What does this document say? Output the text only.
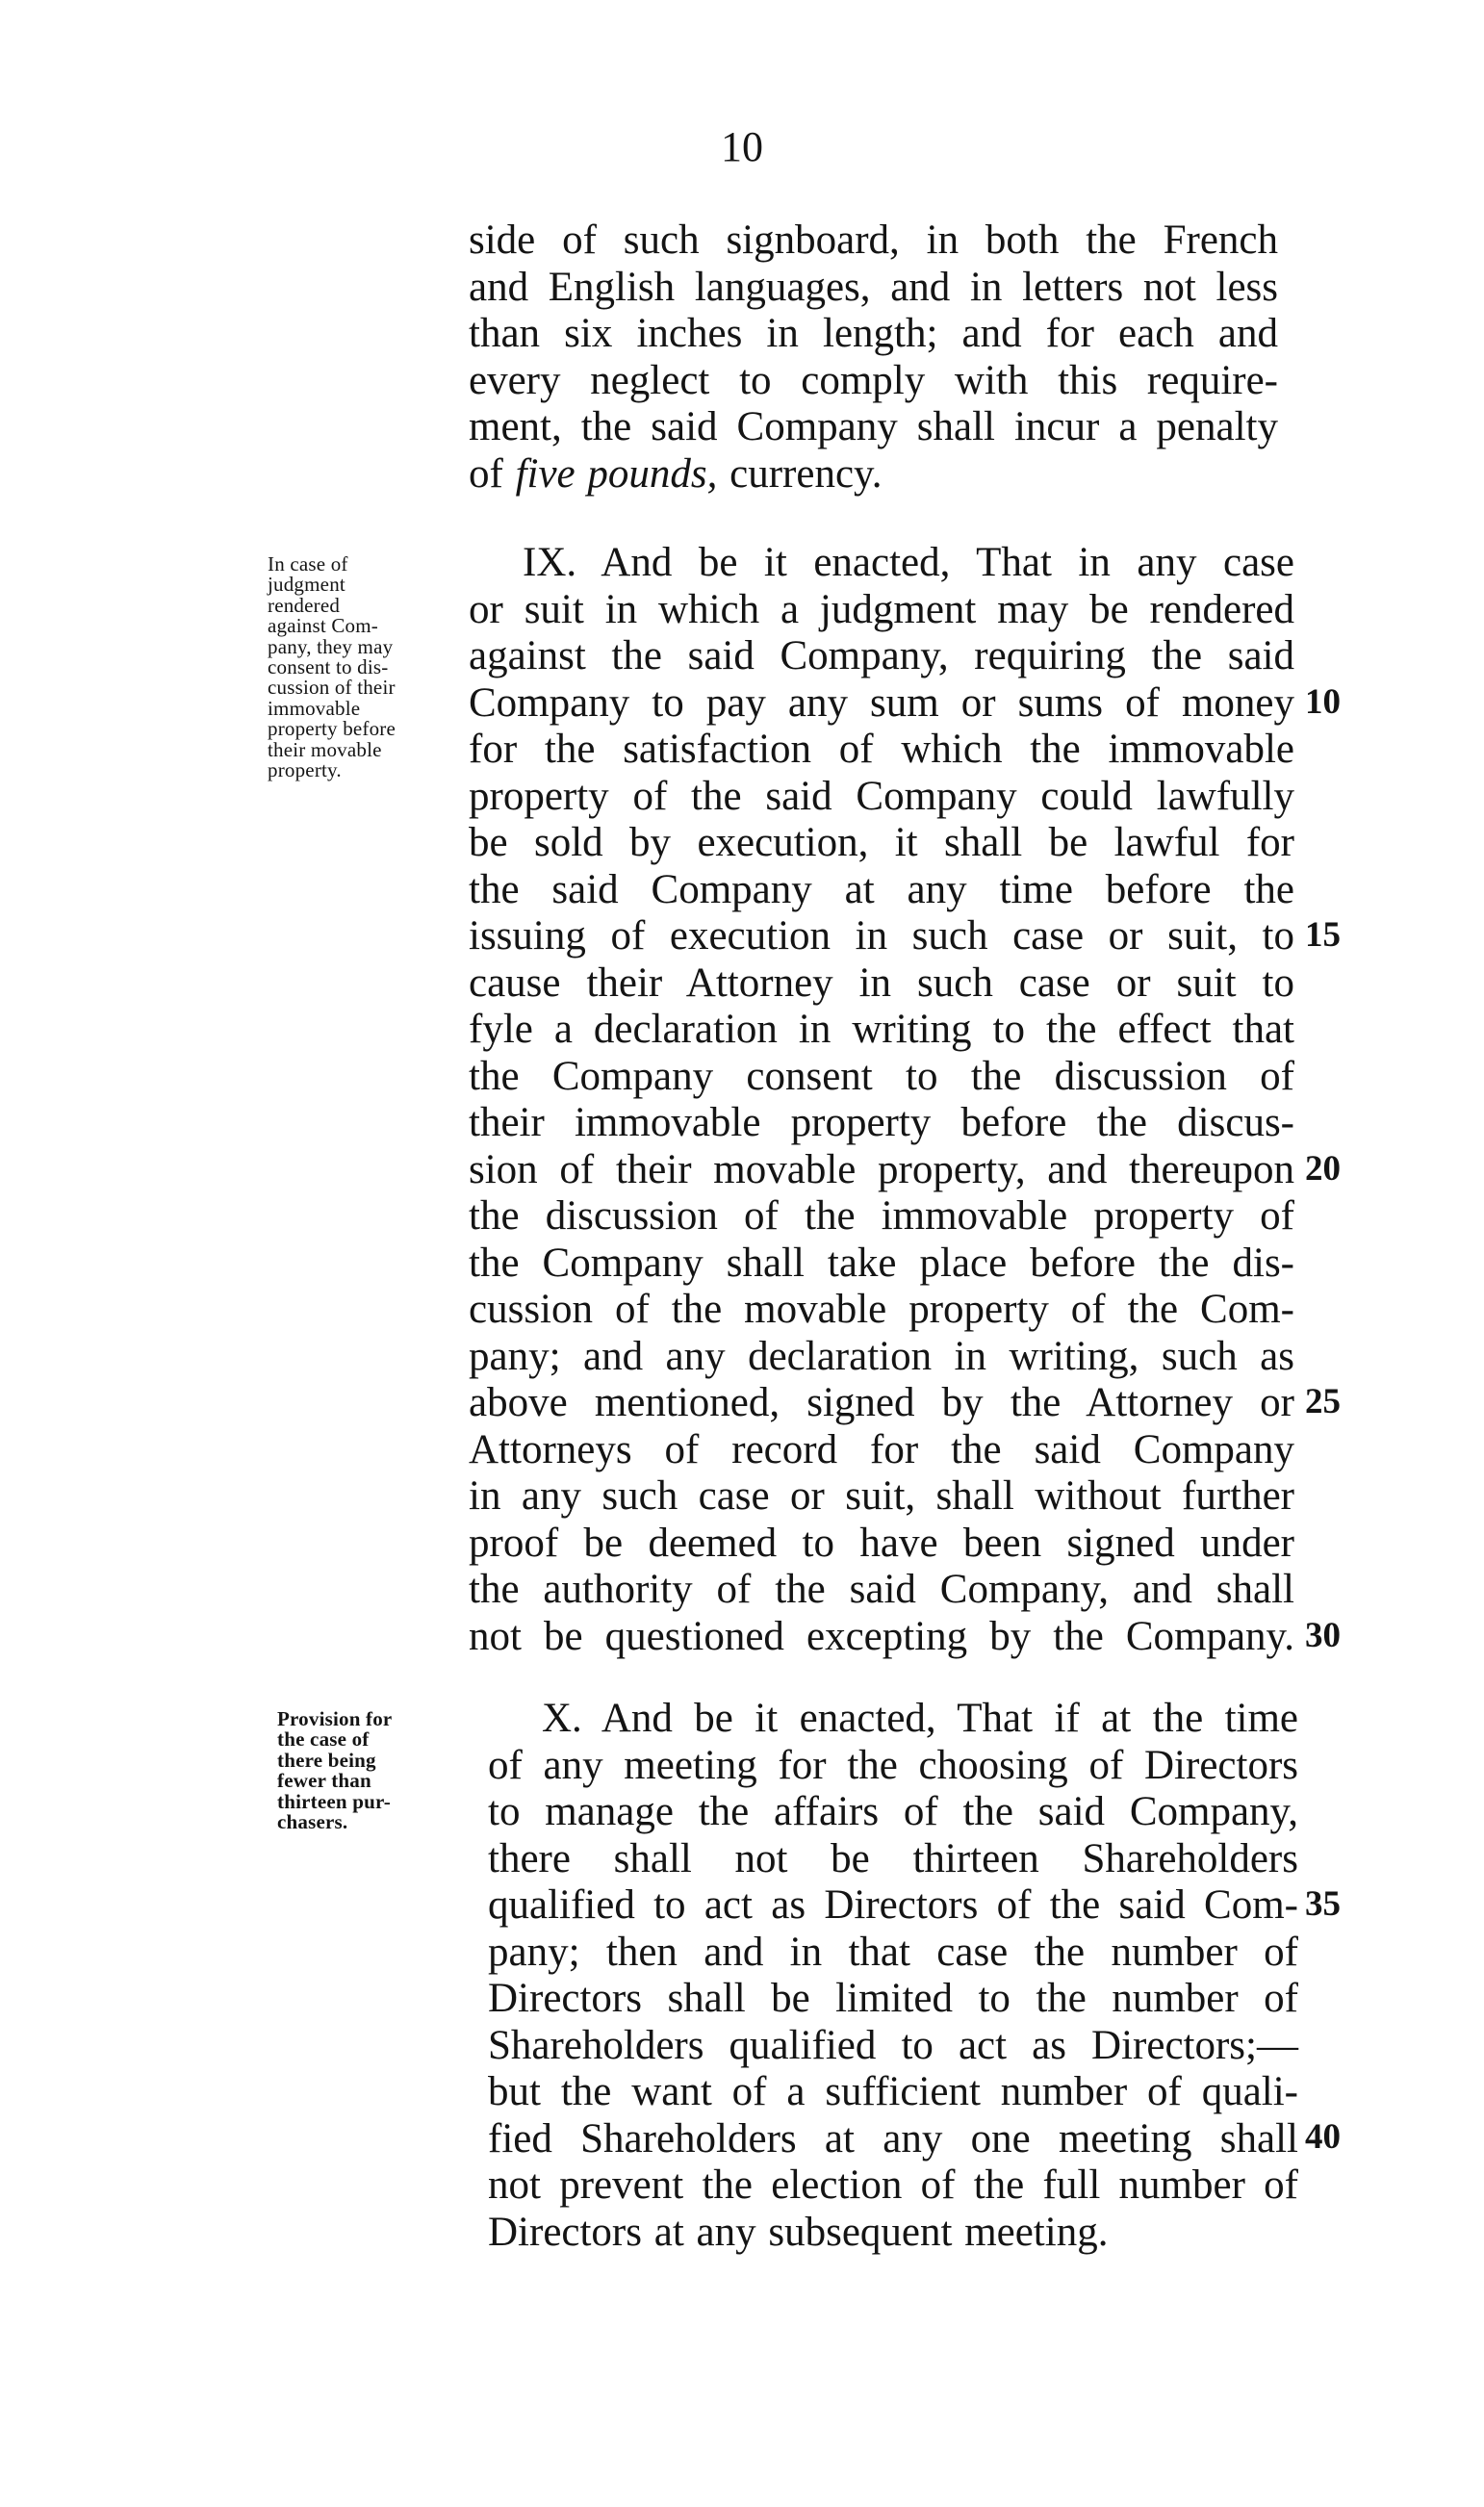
10
side of such signboard, in both the French
and English languages, and in letters not less
than six inches in length; and for each and
every neglect to comply with this require-
ment, the said Company shall incur a penalty
of five pounds, currency.
In case of
judgment
rendered
against Com-
pany, they may
consent to dis-
cussion of their
immovable
property before
their movable
property.
IX. And be it enacted, That in any case
or suit in which a judgment may be rendered
against the said Company, requiring the said
Company to pay any sum or sums of money
for the satisfaction of which the immovable
property of the said Company could lawfully
be sold by execution, it shall be lawful for
the said Company at any time before the
issuing of execution in such case or suit, to
cause their Attorney in such case or suit to
fyle a declaration in writing to the effect that
the Company consent to the discussion of
their immovable property before the discus-
sion of their movable property, and thereupon
the discussion of the immovable property of
the Company shall take place before the dis-
cussion of the movable property of the Com-
pany; and any declaration in writing, such as
above mentioned, signed by the Attorney or
Attorneys of record for the said Company
in any such case or suit, shall without further
proof be deemed to have been signed under
the authority of the said Company, and shall
not be questioned excepting by the Company.
10
15
20
25
30
Provision for
the case of
there being
fewer than
thirteen pur-
chasers.
X. And be it enacted, That if at the time
of any meeting for the choosing of Directors
to manage the affairs of the said Company,
there shall not be thirteen Shareholders
qualified to act as Directors of the said Com-
pany; then and in that case the number of
Directors shall be limited to the number of
Shareholders qualified to act as Directors;—
but the want of a sufficient number of quali-
fied Shareholders at any one meeting shall
not prevent the election of the full number of
Directors at any subsequent meeting.
35
40
